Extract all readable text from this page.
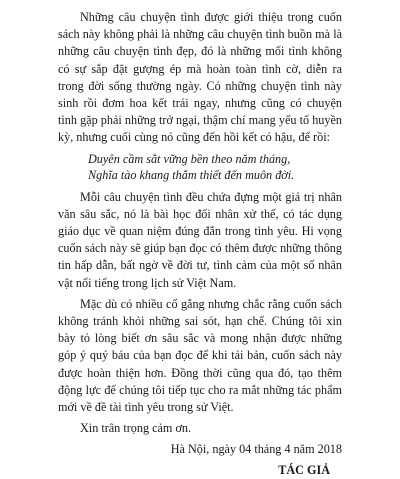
Những câu chuyện tình được giới thiệu trong cuốn sách này không phải là những câu chuyện tình buồn mà là những câu chuyện tình đẹp, đó là những mối tình không có sự sắp đặt gượng ép mà hoàn toàn tình cờ, diễn ra trong đời sống thường ngày. Có những chuyện tình này sinh rồi đơm hoa kết trái ngay, nhưng cũng có chuyện tình gặp phải những trở ngại, thậm chí mang yếu tố huyền kỳ, nhưng cuối cùng nó cũng đến hồi kết có hậu, để rồi:

Duyên cầm sắt vững bền theo năm tháng,
Nghĩa tào khang thắm thiết đến muôn đời.

Mỗi câu chuyện tình đều chứa đựng một giá trị nhân văn sâu sắc, nó là bài học đối nhân xử thế, có tác dụng giáo dục về quan niệm đúng đắn trong tình yêu. Hi vọng cuốn sách này sẽ giúp bạn đọc có thêm được những thông tin hấp dẫn, bất ngờ về đời tư, tình cảm của một số nhân vật nổi tiếng trong lịch sử Việt Nam.

Mặc dù có nhiều cố gắng nhưng chắc rằng cuốn sách không tránh khỏi những sai sót, hạn chế. Chúng tôi xin bày tỏ lòng biết ơn sâu sắc và mong nhận được những góp ý quý báu của bạn đọc để khi tái bản, cuốn sách này được hoàn thiện hơn. Đồng thời cũng qua đó, tạo thêm động lực để chúng tôi tiếp tục cho ra mắt những tác phẩm mới về đề tài tình yêu trong sử Việt.

Xin trân trọng cảm ơn.

Hà Nội, ngày 04 tháng 4 năm 2018

TÁC GIẢ
